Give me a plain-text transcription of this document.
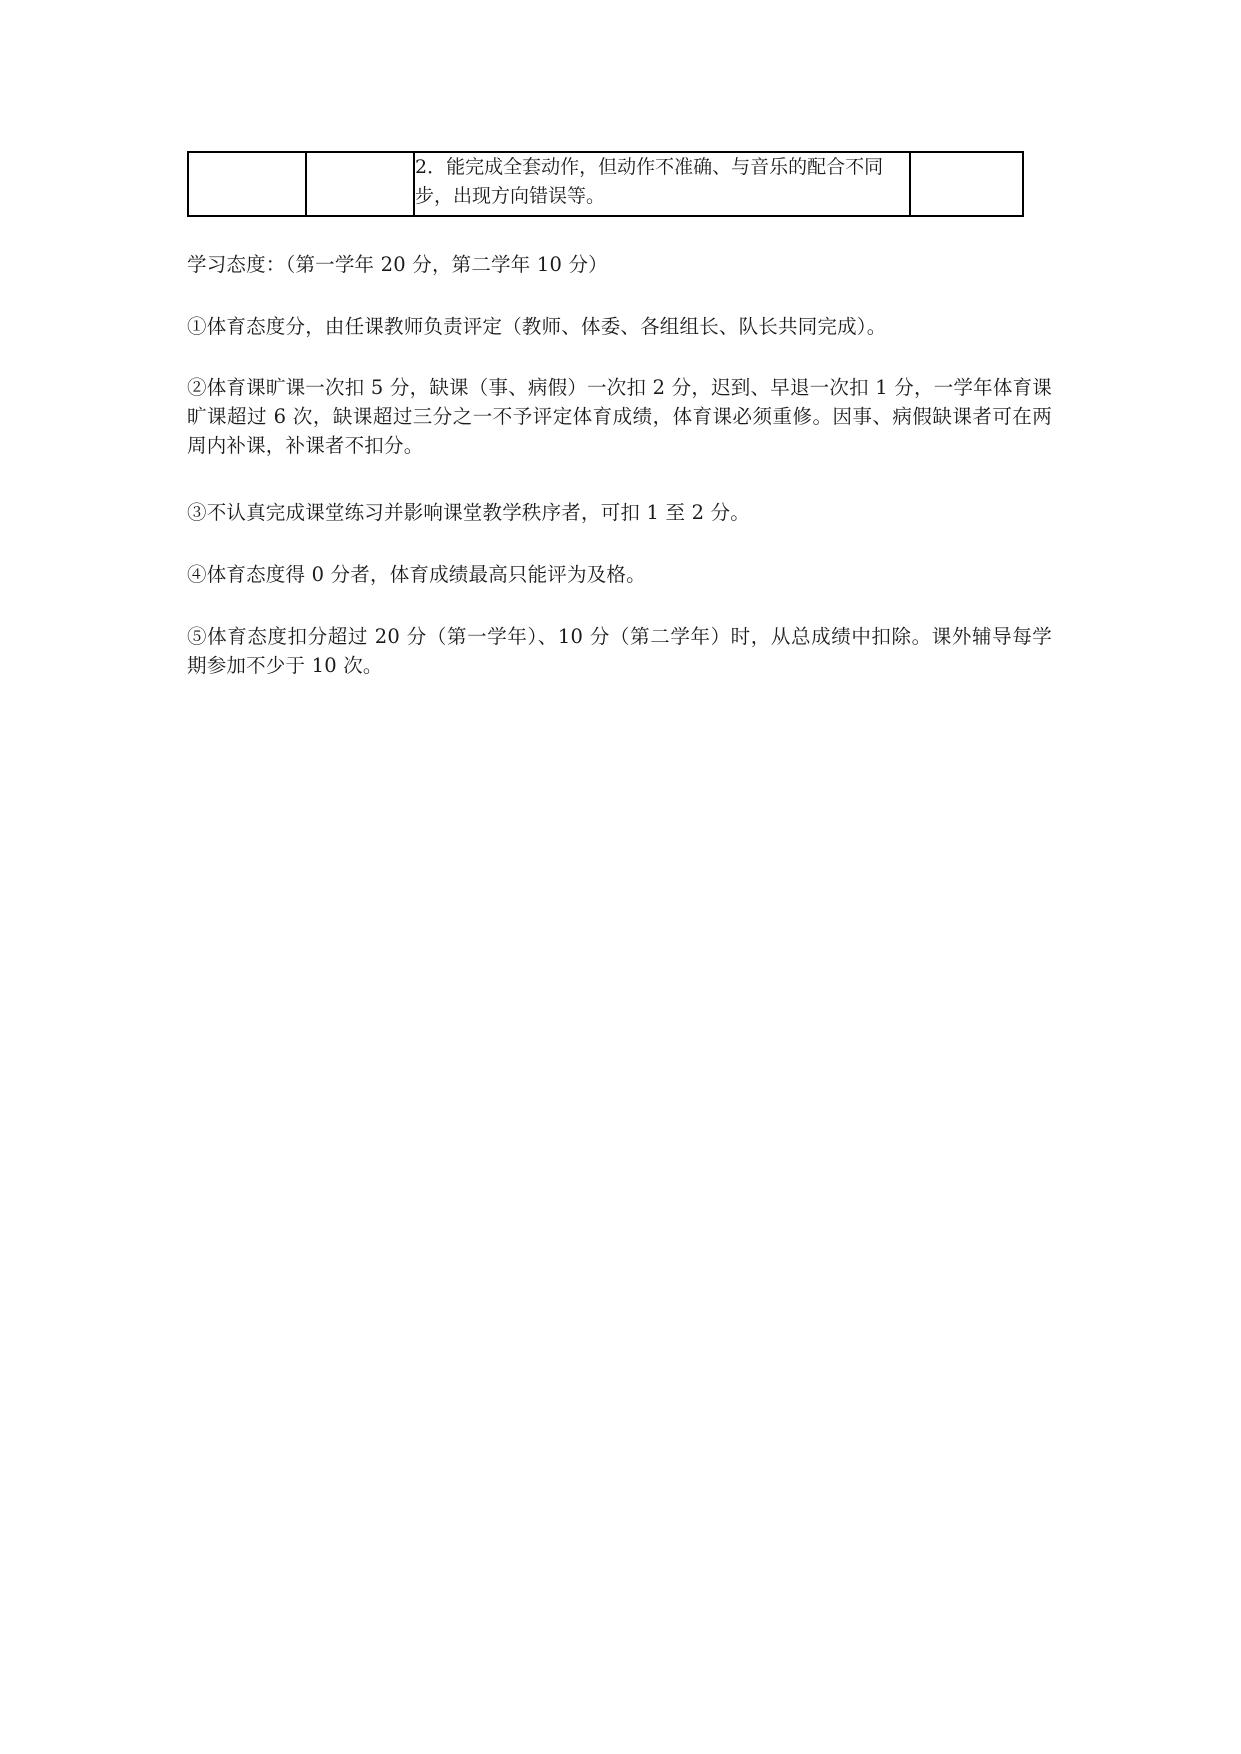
		2．能完成全套动作，但动作不准确、与音乐的配合不同步，出现方向错误等。	

学习态度：（第一学年 20 分，第二学年 10 分）

①体育态度分，由任课教师负责评定（教师、体委、各组组长、队长共同完成）。

②体育课旷课一次扣 5 分，缺课（事、病假）一次扣 2 分，迟到、早退一次扣 1 分，一学年体育课旷课超过 6 次，缺课超过三分之一不予评定体育成绩，体育课必须重修。因事、病假缺课者可在两周内补课，补课者不扣分。

③不认真完成课堂练习并影响课堂教学秩序者，可扣 1 至 2 分。

④体育态度得 0 分者，体育成绩最高只能评为及格。

⑤体育态度扣分超过 20 分（第一学年）、10 分（第二学年）时，从总成绩中扣除。课外辅导每学期参加不少于 10 次。
